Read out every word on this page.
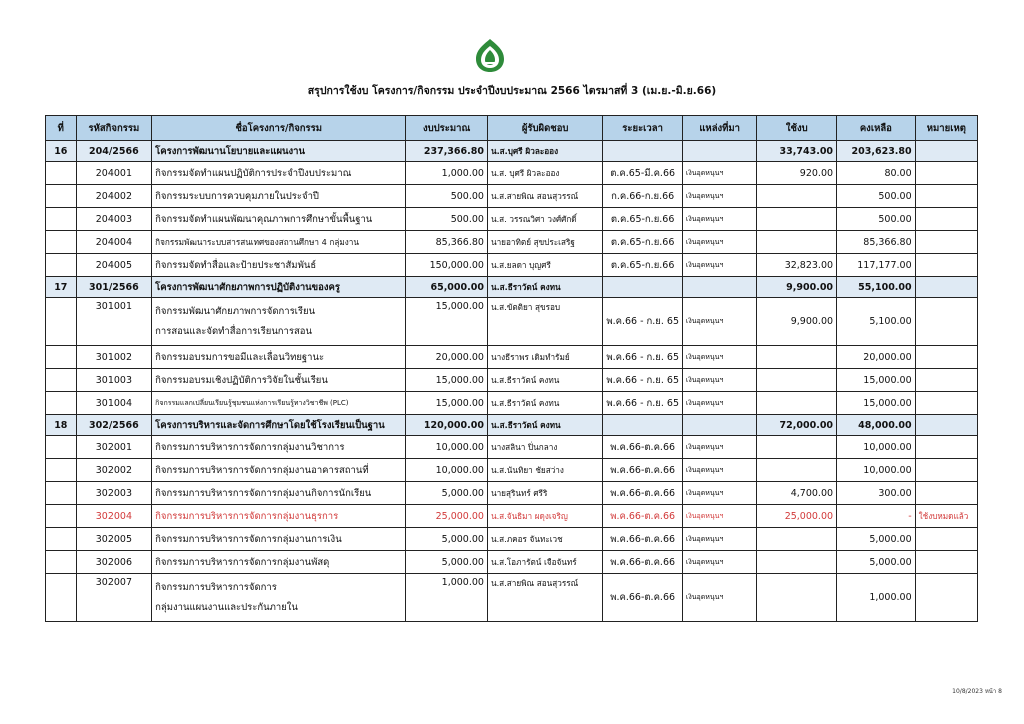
สรุปการใช้งบ โครงการ/กิจกรรม ประจำปีงบประมาณ 2566 ไตรมาสที่ 3 (เม.ย.-มิ.ย.66)
ที่	รหัสกิจกรรม	ชื่อโครงการ/กิจกรรม	งบประมาณ	ผู้รับผิดชอบ	ระยะเวลา	แหล่งที่มา	ใช้งบ	คงเหลือ	หมายเหตุ
16	204/2566	โครงการพัฒนานโยบายและแผนงาน	237,366.80	น.ส.บุศรี ผิวละออง			33,743.00	203,623.80	
	204001	กิจกรรมจัดทำแผนปฏิบัติการประจำปีงบประมาณ	1,000.00	น.ส. บุศรี ผิวละออง	ต.ค.65-มี.ค.66	เงินอุดหนุนฯ	920.00	80.00	
	204002	กิจกรรมระบบการควบคุมภายในประจำปี	500.00	น.ส.สายพิณ สอนสุวรรณ์	ก.ค.66-ก.ย.66	เงินอุดหนุนฯ		500.00	
	204003	กิจกรรมจัดทำแผนพัฒนาคุณภาพการศึกษาขั้นพื้นฐาน	500.00	น.ส. วรรณวิศา วงศ์ศักดิ์	ต.ค.65-ก.ย.66	เงินอุดหนุนฯ		500.00	
	204004	กิจกรรมพัฒนาระบบสารสนเทศของสถานศึกษา 4 กลุ่มงาน	85,366.80	นายอาทิตย์ สุขประเสริฐ	ต.ค.65-ก.ย.66	เงินอุดหนุนฯ		85,366.80	
	204005	กิจกรรมจัดทำสื่อและป้ายประชาสัมพันธ์	150,000.00	น.ส.ยลดา บุญศรี	ต.ค.65-ก.ย.66	เงินอุดหนุนฯ	32,823.00	117,177.00	
17	301/2566	โครงการพัฒนาศักยภาพการปฏิบัติงานของครู	65,000.00	น.ส.ธีราวัตน์ คงทน			9,900.00	55,100.00	
	301001	กิจกรรมพัฒนาศักยภาพการจัดการเรียน
การสอนและจัดทำสื่อการเรียนการสอน	15,000.00	น.ส.ขัตติยา สุขรอบ	พ.ค.66 - ก.ย. 65	เงินอุดหนุนฯ	9,900.00	5,100.00	
	301002	กิจกรรมอบรมการขอมีและเลื่อนวิทยฐานะ	20,000.00	นางธีราพร เดิมทำรัมย์	พ.ค.66 - ก.ย. 65	เงินอุดหนุนฯ		20,000.00	
	301003	กิจกรรมอบรมเชิงปฏิบัติการวิจัยในชั้นเรียน	15,000.00	น.ส.ธีราวัตน์ คงทน	พ.ค.66 - ก.ย. 65	เงินอุดหนุนฯ		15,000.00	
	301004	กิจกรรมแลกเปลี่ยนเรียนรู้ชุมชนแห่งการเรียนรู้ทางวิชาชีพ (PLC)	15,000.00	น.ส.ธีราวัตน์ คงทน	พ.ค.66 - ก.ย. 65	เงินอุดหนุนฯ		15,000.00	
18	302/2566	โครงการบริหารและจัดการศึกษาโดยใช้โรงเรียนเป็นฐาน	120,000.00	น.ส.ธีราวัตน์ คงทน			72,000.00	48,000.00	
	302001	กิจกรรมการบริหารการจัดการกลุ่มงานวิชาการ	10,000.00	นางสลินา ปิ่นกลาง	พ.ค.66-ต.ค.66	เงินอุดหนุนฯ		10,000.00	
	302002	กิจกรรมการบริหารการจัดการกลุ่มงานอาคารสถานที่	10,000.00	น.ส.นันทิยา ชัยสว่าง	พ.ค.66-ต.ค.66	เงินอุดหนุนฯ		10,000.00	
	302003	กิจกรรมการบริหารการจัดการกลุ่มงานกิจการนักเรียน	5,000.00	นายสุรินทร์ ศรีริ	พ.ค.66-ต.ค.66	เงินอุดหนุนฯ	4,700.00	300.00	
	302004	กิจกรรมการบริหารการจัดการกลุ่มงานธุรการ	25,000.00	น.ส.จันธิมา ผดุงเจริญ	พ.ค.66-ต.ค.66	เงินอุดหนุนฯ	25,000.00	-	ใช้งบหมดแล้ว
	302005	กิจกรรมการบริหารการจัดการกลุ่มงานการเงิน	5,000.00	น.ส.ภคอร จันทะเวช	พ.ค.66-ต.ค.66	เงินอุดหนุนฯ		5,000.00	
	302006	กิจกรรมการบริหารการจัดการกลุ่มงานพัสดุ	5,000.00	น.ส.โอภารัตน์ เจือจันทร์	พ.ค.66-ต.ค.66	เงินอุดหนุนฯ		5,000.00	
	302007	กิจกรรมการบริหารการจัดการ
กลุ่มงานแผนงานและประกันภายใน	1,000.00	น.ส.สายพิณ สอนสุวรรณ์	พ.ค.66-ต.ค.66	เงินอุดหนุนฯ		1,000.00	
10/8/2023 หน้า 8
